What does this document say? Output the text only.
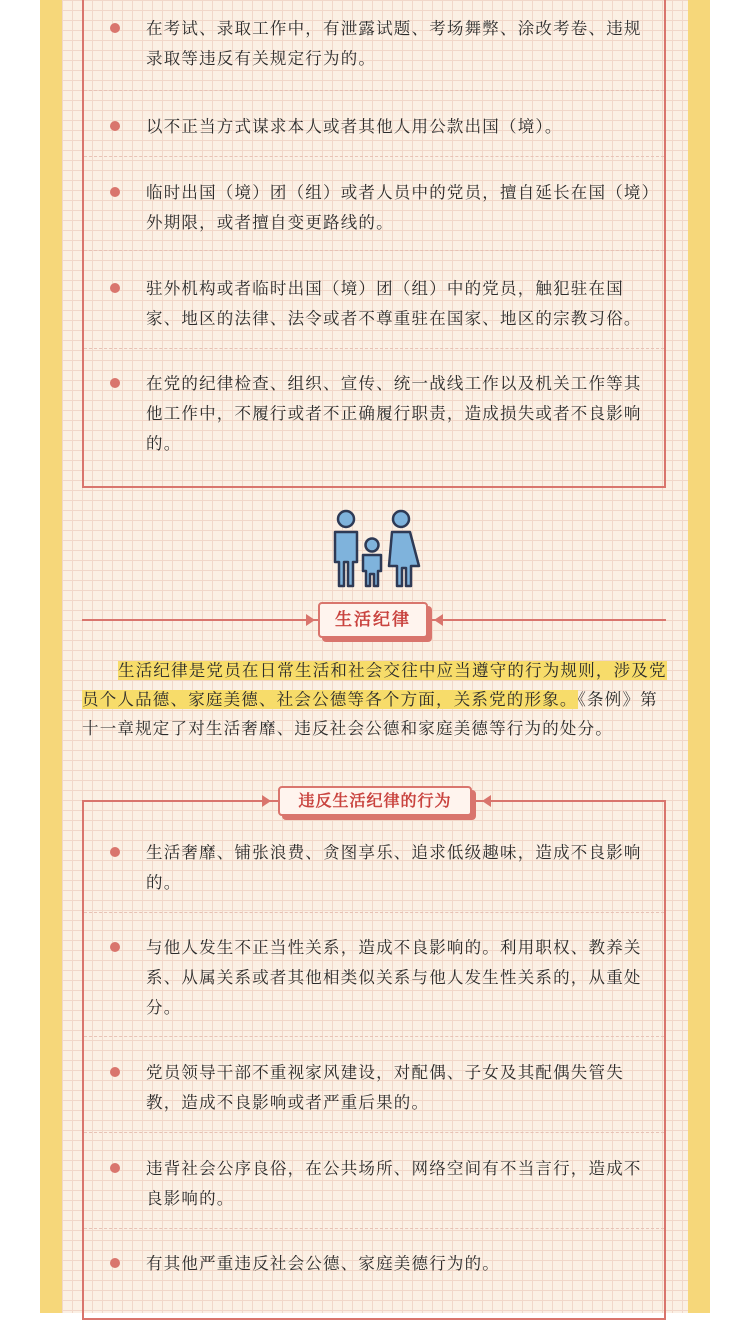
在考试、录取工作中，有泄露试题、考场舞弊、涂改考卷、违规录取等违反有关规定行为的。
以不正当方式谋求本人或者其他人用公款出国（境）。
临时出国（境）团（组）或者人员中的党员，擅自延长在国（境）外期限，或者擅自变更路线的。
驻外机构或者临时出国（境）团（组）中的党员，触犯驻在国家、地区的法律、法令或者不尊重驻在国家、地区的宗教习俗。
在党的纪律检查、组织、宣传、统一战线工作以及机关工作等其他工作中，不履行或者不正确履行职责，造成损失或者不良影响的。
生活纪律
生活纪律是党员在日常生活和社会交往中应当遵守的行为规则，涉及党员个人品德、家庭美德、社会公德等各个方面，关系党的形象。《条例》第十一章规定了对生活奢靡、违反社会公德和家庭美德等行为的处分。
生活奢靡、铺张浪费、贪图享乐、追求低级趣味，造成不良影响的。
与他人发生不正当性关系，造成不良影响的。利用职权、教养关系、从属关系或者其他相类似关系与他人发生性关系的，从重处分。
党员领导干部不重视家风建设，对配偶、子女及其配偶失管失教，造成不良影响或者严重后果的。
违背社会公序良俗，在公共场所、网络空间有不当言行，造成不良影响的。
有其他严重违反社会公德、家庭美德行为的。
违反生活纪律的行为
